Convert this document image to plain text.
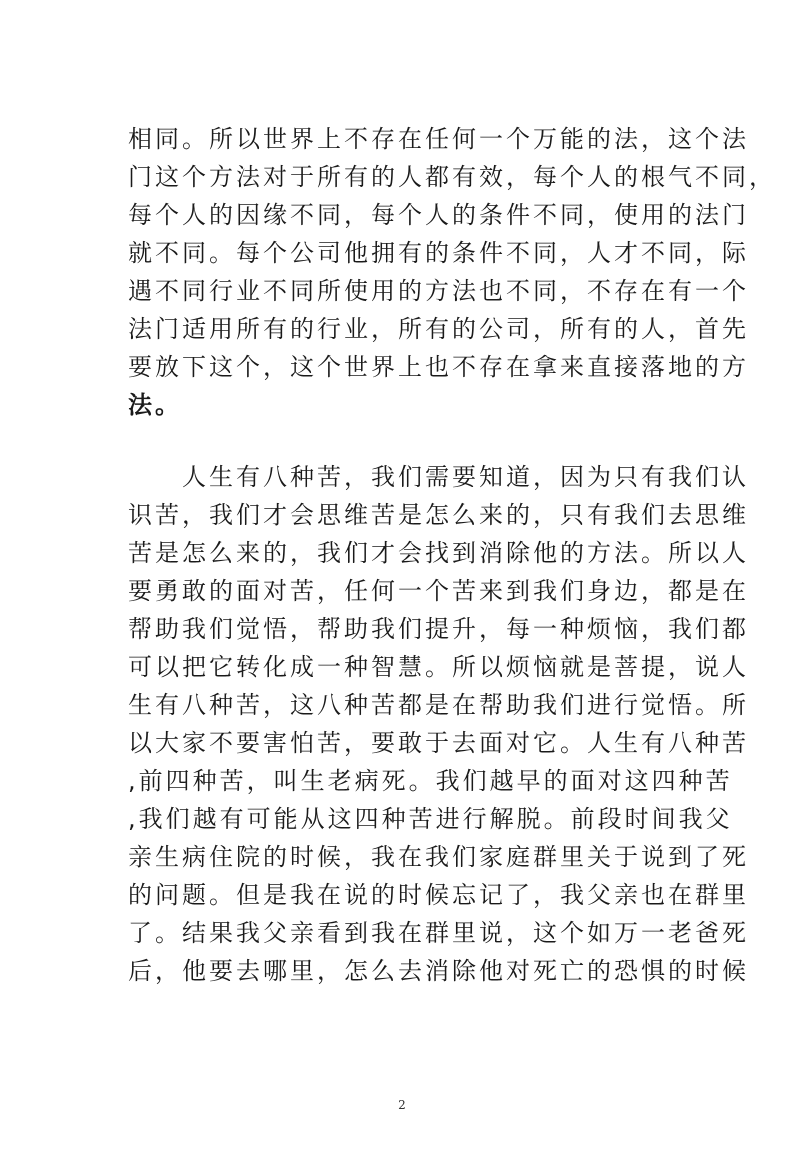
相同。所以世界上不存在任何一个万能的法，这个法
门这个方法对于所有的人都有效，每个人的根气不同，
每个人的因缘不同，每个人的条件不同，使用的法门
就不同。每个公司他拥有的条件不同，人才不同，际
遇不同行业不同所使用的方法也不同，不存在有一个
法门适用所有的行业，所有的公司，所有的人，首先
要放下这个，这个世界上也不存在拿来直接落地的方
法。
　　人生有八种苦，我们需要知道，因为只有我们认
识苦，我们才会思维苦是怎么来的，只有我们去思维
苦是怎么来的，我们才会找到消除他的方法。所以人
要勇敢的面对苦，任何一个苦来到我们身边，都是在
帮助我们觉悟，帮助我们提升，每一种烦恼，我们都
可以把它转化成一种智慧。所以烦恼就是菩提，说人
生有八种苦，这八种苦都是在帮助我们进行觉悟。所
以大家不要害怕苦，要敢于去面对它。人生有八种苦
,前四种苦，叫生老病死。我们越早的面对这四种苦
,我们越有可能从这四种苦进行解脱。前段时间我父
亲生病住院的时候，我在我们家庭群里关于说到了死
的问题。但是我在说的时候忘记了，我父亲也在群里
了。结果我父亲看到我在群里说，这个如万一老爸死
后，他要去哪里，怎么去消除他对死亡的恐惧的时候
2
